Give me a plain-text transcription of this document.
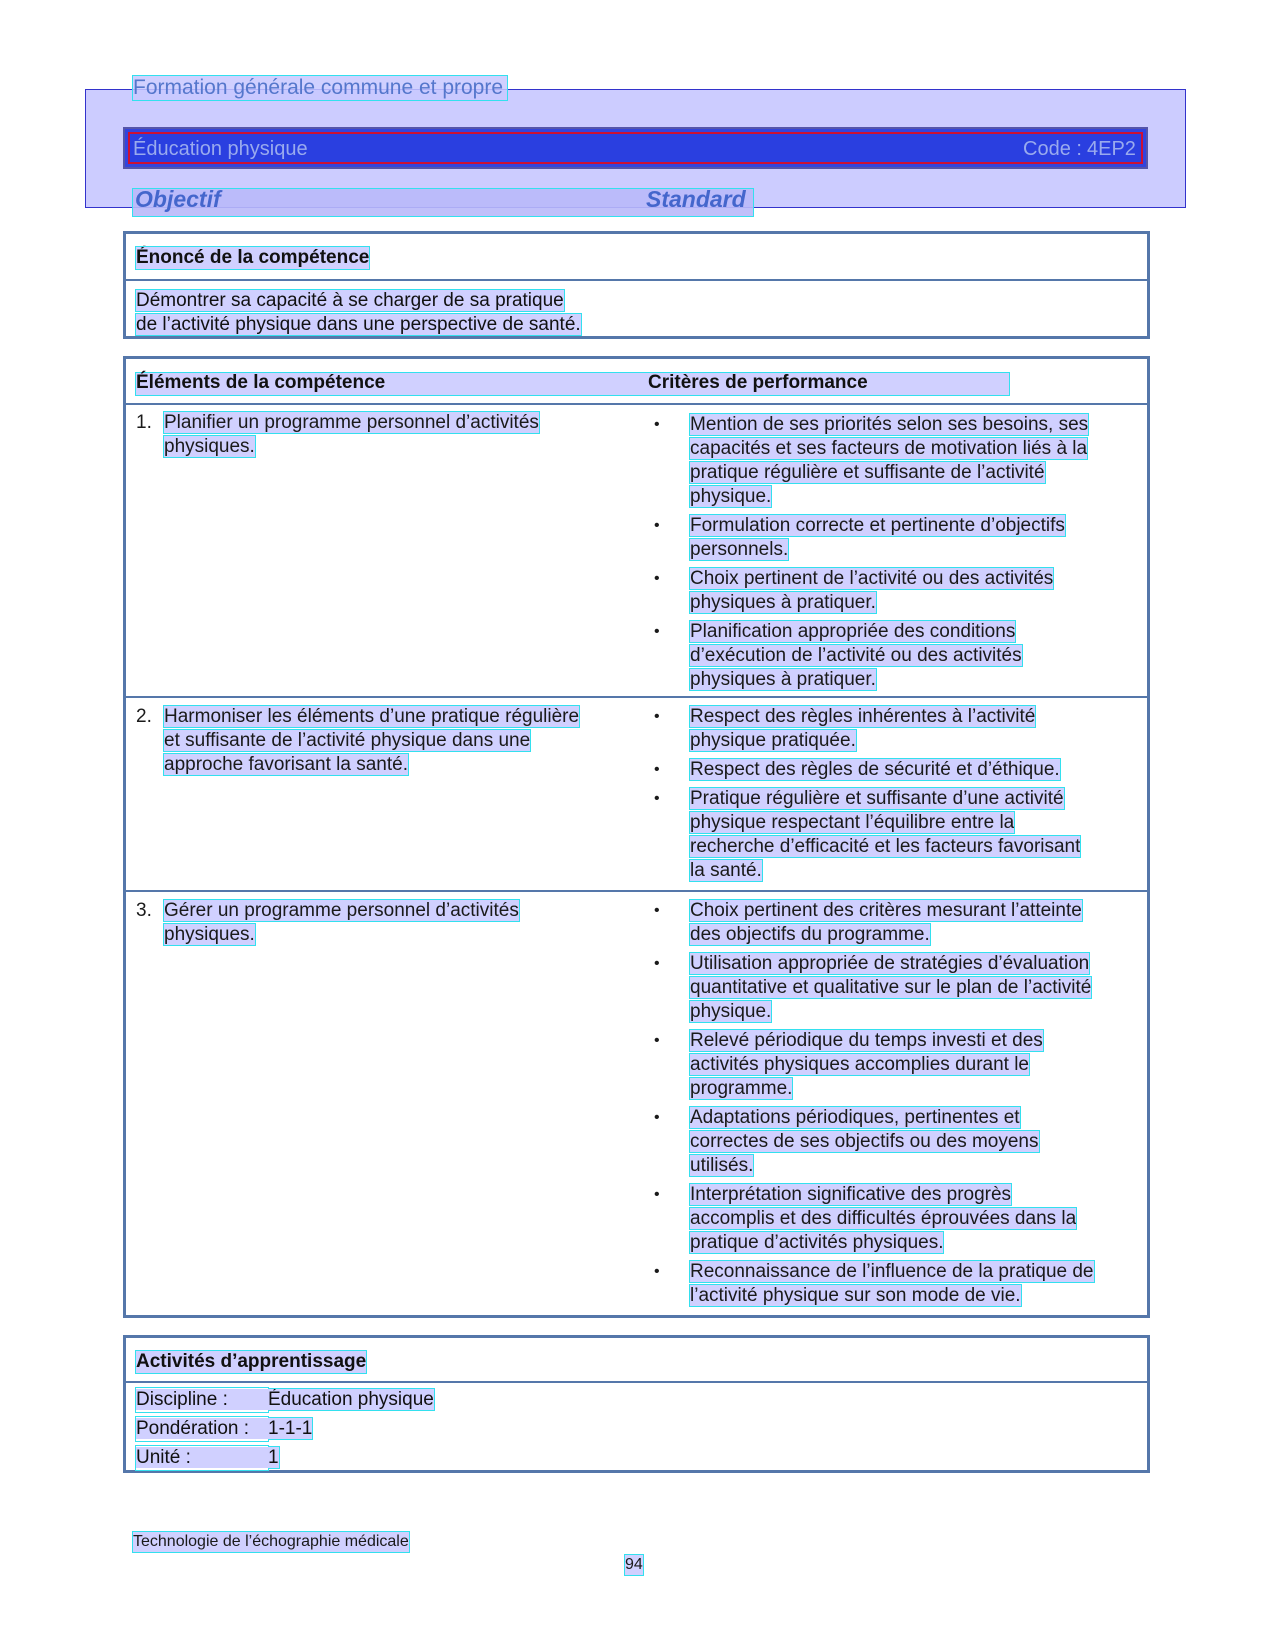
Formation générale commune et propre
Éducation physique	Code : 4EP2
Objectif	Standard
Énoncé de la compétence
Démontrer sa capacité à se charger de sa pratique
de l’activité physique dans une perspective de santé.
Éléments de la compétence	Critères de performance
1. Planifier un programme personnel d’activités
physiques.
• Mention de ses priorités selon ses besoins, ses
capacités et ses facteurs de motivation liés à la
pratique régulière et suffisante de l’activité
physique.
• Formulation correcte et pertinente d’objectifs
personnels.
• Choix pertinent de l’activité ou des activités
physiques à pratiquer.
• Planification appropriée des conditions
d’exécution de l’activité ou des activités
physiques à pratiquer.
2. Harmoniser les éléments d’une pratique régulière
et suffisante de l’activité physique dans une
approche favorisant la santé.
• Respect des règles inhérentes à l’activité
physique pratiquée.
• Respect des règles de sécurité et d’éthique.
• Pratique régulière et suffisante d’une activité
physique respectant l’équilibre entre la
recherche d’efficacité et les facteurs favorisant
la santé.
3. Gérer un programme personnel d’activités
physiques.
• Choix pertinent des critères mesurant l’atteinte
des objectifs du programme.
• Utilisation appropriée de stratégies d’évaluation
quantitative et qualitative sur le plan de l’activité
physique.
• Relevé périodique du temps investi et des
activités physiques accomplies durant le
programme.
• Adaptations périodiques, pertinentes et
correctes de ses objectifs ou des moyens
utilisés.
• Interprétation significative des progrès
accomplis et des difficultés éprouvées dans la
pratique d’activités physiques.
• Reconnaissance de l’influence de la pratique de
l’activité physique sur son mode de vie.
Activités d’apprentissage
Discipline : Éducation physique
Pondération : 1-1-1
Unité :	1
Technologie de l’échographie médicale
94
